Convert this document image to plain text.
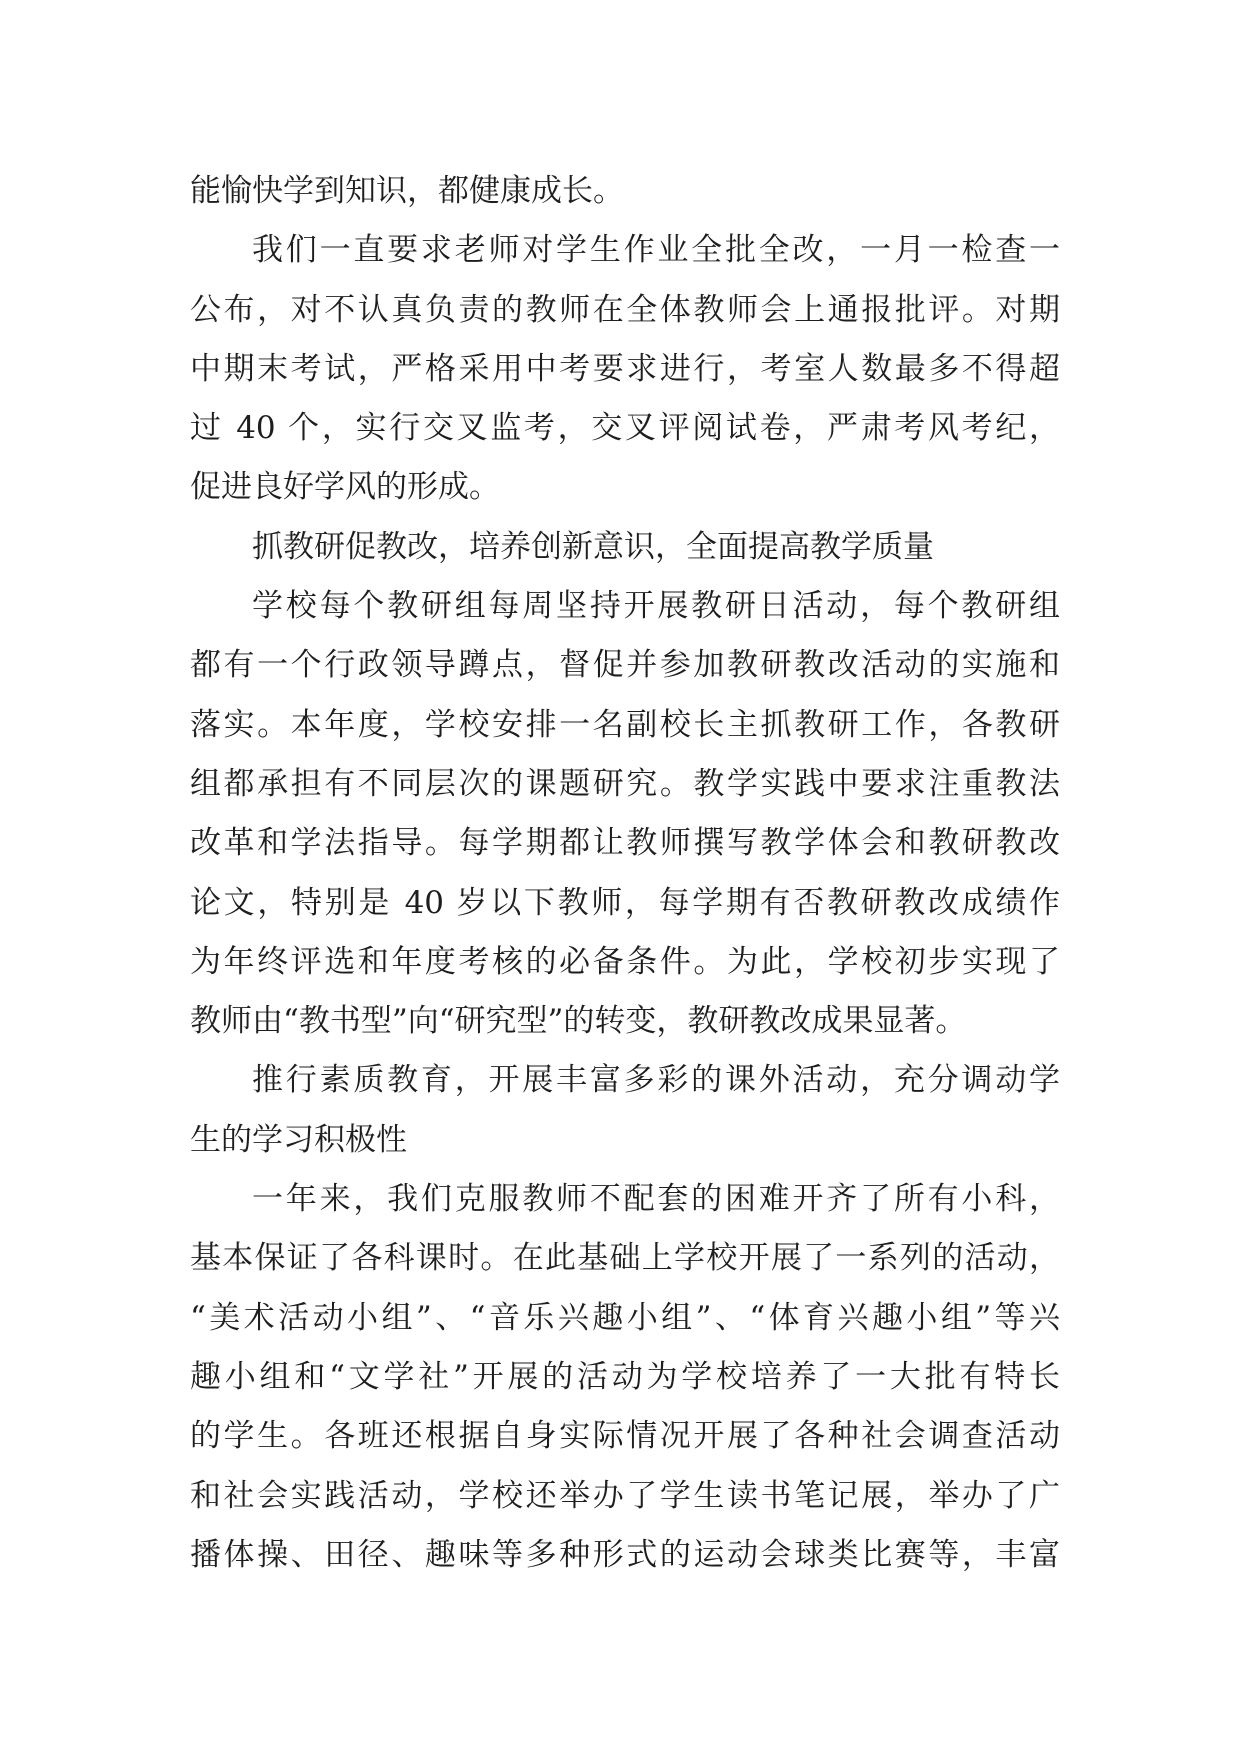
能愉快学到知识，都健康成长。
我们一直要求老师对学生作业全批全改，一月一检查一
公布，对不认真负责的教师在全体教师会上通报批评。对期
中期末考试，严格采用中考要求进行，考室人数最多不得超
过 40 个，实行交叉监考，交叉评阅试卷，严肃考风考纪，
促进良好学风的形成。
抓教研促教改，培养创新意识，全面提高教学质量
学校每个教研组每周坚持开展教研日活动，每个教研组
都有一个行政领导蹲点，督促并参加教研教改活动的实施和
落实。本年度，学校安排一名副校长主抓教研工作，各教研
组都承担有不同层次的课题研究。教学实践中要求注重教法
改革和学法指导。每学期都让教师撰写教学体会和教研教改
论文，特别是 40 岁以下教师，每学期有否教研教改成绩作
为年终评选和年度考核的必备条件。为此，学校初步实现了
教师由“教书型”向“研究型”的转变，教研教改成果显著。
推行素质教育，开展丰富多彩的课外活动，充分调动学
生的学习积极性
一年来，我们克服教师不配套的困难开齐了所有小科，
基本保证了各科课时。在此基础上学校开展了一系列的活动，
“美术活动小组”、“音乐兴趣小组”、“体育兴趣小组”等兴
趣小组和“文学社”开展的活动为学校培养了一大批有特长
的学生。各班还根据自身实际情况开展了各种社会调查活动
和社会实践活动，学校还举办了学生读书笔记展，举办了广
播体操、田径、趣味等多种形式的运动会球类比赛等，丰富
